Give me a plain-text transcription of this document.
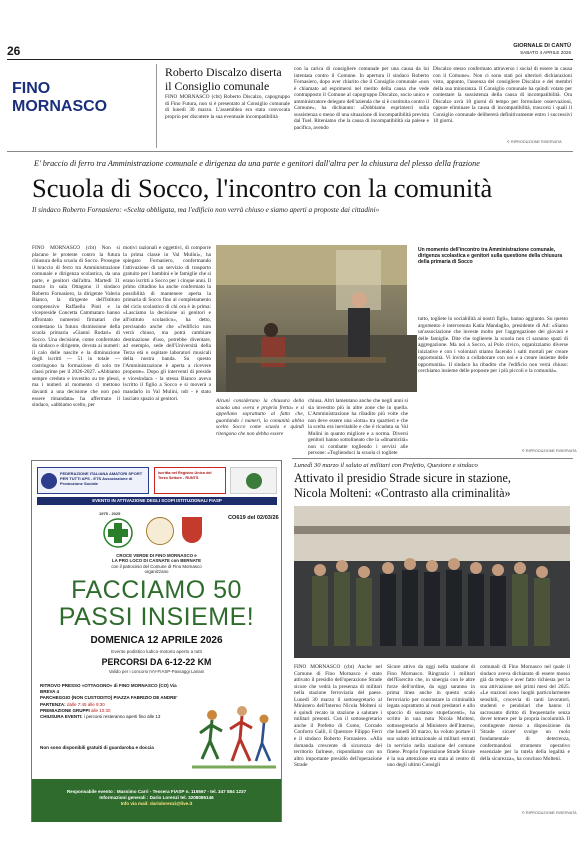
26	GIORNALE DI CANTÙ
SABATO 4 APRILE 2026
FINO
MORNASCO
Roberto Discalzo diserta
il Consiglio comunale
FINO MORNASCO (cbt) Roberto Discalzo, capogruppo di Fino Futura, non si è presentato al Consiglio comunale di lunedì 30 marzo. L'assemblea era stata convocata proprio per discutere la sua eventuale incompatibilità
con la carica di consigliere comunale per una causa da lui intentata contro il Comune. In apertura il sindaco Roberto Fornasiero, dopo aver chiarito che il Consiglio comunale «non è chiamato ad esprimersi nel merito della causa che vede contrapposto il Comune al capogruppo Discalzo, socio unico e amministratore delegato dell'azienda che si è costituita contro il Comune», ha dichiarato: «Dobbiamo esprimerci sulla sussistenza o meno di una situazione di incompatibilità prevista dal Tuel. Riteniamo che la causa di incompatibilità sia palese e pacifica, avendo
Discalzo stesso confermato attraverso i social di essere in causa con il Comune». Non ci sono stati poi ulteriori dichiarazioni visto, appunto, l'assenza del consigliere Discalzo e dei membri della sua minoranza. Il Consiglio comunale ha quindi votato per contestare la sussistenza della causa di incompatibilità. Ora Discalzo avrà 10 giorni di tempo per formulare osservazioni, oppure eliminare la causa di incompatibilità, trascorsi i quali il Consiglio comunale delibererà definitivamente entro i successivi 10 giorni.
© RIPRODUZIONE RISERVATA
E' braccio di ferro tra Amministrazione comunale e dirigenza da una parte e genitori dall'altra per la chiusura del plesso della frazione
Scuola di Socco, l'incontro con la comunità
Il sindaco Roberto Fornasiero: «Scelta obbligata, ma l'edificio non verrà chiuso e siamo aperti a proposte dai cittadini»
FINO MORNASCO (cbt) Non si placano le proteste contro la futura chiusura della scuola di Socco. Prosegue il braccio di ferro tra Amministrazione comunale e dirigenza scolastica, da una parte, e genitori dall'altra. Martedì 31 marzo in sala Ottagono il sindaco Roberto Fornasiero, la dirigente Valeria Bianco, la dirigente dell'Istituto comprensivo Raffaella Pioti e la vicepreside Concetta Cammataro hanno affrontato numerosi firmatari che contestano la futura dismissione della scuola primaria «Gianni Rodari» di Socco. Una decisione, come confermato da sindaco e dirigente, dovuta ai numeri: il calo delle nascite e la diminuzione degli iscritti — 51 in totale — costringono la formazione di solo tre classi prime per il 2026-2027. «Abbiamo sempre creduto e investito su tre plessi, ma i numeri al momento ci mettono davanti a una decisione che non può essere rimandata» ha affermato il sindaco, «abbiamo scelto, per
motivi razionali e oggettivi, di comporre la prima classe in Val Mulini», ha spiegato Fornasiero, confermando l'attivazione di un servizio di trasporto gratuito per i bambini e le famiglie che si erano iscritti a Socco per i cinque anni. Il primo cittadino ha anche confermato la possibilità di mantenere aperta la primaria di Socco fino al completamento del ciclo scolastico di chi ora è in prima: «Lasciamo la decisione ai genitori e all'istituto scolastico», ha detto, precisando anche che «l'edificio non verrà chiuso, ma potrà cambiare destinazione d'uso, potrebbe diventare, ad esempio, sede dell'Università della Terza età o ospitare laboratori musicali della nostra banda. Su questo l'Amministrazione è aperta a ricevere proposte». Dopo gli interventi di preside e vicesindaca - la stessa Bianco aveva lscritto il figlio a Socco e si moverà a mandarlo in Val Mulini, ndr - è stato lasciato spazio ai genitori.	Alcuni considerano la chiusura della scuola una «vera e propria fretta» e si appellano soprattutto al fatto che, guardando i numeri, la comunità abbia scelto Socco come scuola e quindi ritengono che non debba essere
chiusa. Altri lamentano anche che negli anni si sia investito più in altre zone che in quella. L'Amministrazione ha ribadito più volte che non deve essere una «lotta» tra quartieri e che la scelta era inevitabile e che è ricaduta su Val Mulini in quanto migliore e a norma. Diversi genitori hanno sottolineato che la «dinamicità» non si combatte togliendo i servizi alle persone: «Togliendoci la scuola ci togliete
Un momento dell'incontro tra Amministrazione comunale, dirigenza scolastica e genitori sulla questione della chiusura della primaria di Socco
tutto, togliete lo sociabilità ai nostri figli», hanno aggiunto. Su questo argomento è intervenuta Katia Mandaglio, presidente di Ad: «Siamo un'associazione che investe molto per l'aggregazione dei giovani e delle famiglie. Dite che toglierete la scuola non ci saranno spazi di aggregazione. Ma noi a Socco, al Polo civico, organizziamo diverse iniziative e con i volontari stiamo facendo i salti mortali per creare opportunità. Vi invito a collaborare con noi e a creare insieme delle opportunità». Il sindaco ha ribadito che l'edificio non verrà chiuso: cerchiamo insieme delle proposte per i più piccoli e la comunità».
© RIPRODUZIONE RISERVATA
FEDERAZIONE ITALIANA AMATORI SPORT PER TUTTI APS - ETS Associazione di Promozione Sociale
Iscritta nel Registro Unico del Terzo Settore - RUNTS
EVENTO IN ATTIVAZIONE DEGLI SCOPI ISTITUZIONALI FIASP
1975 - 2025
CO619 del 02/03/26
CROCE VERDE DI FINO MORNASCO e
LA PRO LOCO DI CASNATE con BERNATE
con il patrocinio del Comune di Fino Mornasco
organizzano
FACCIAMO 50
PASSI INSIEME!
DOMENICA 12 APRILE 2026
Evento podistico ludico-motorio aperto a tutti
PERCORSI DA 6-12-22 KM
Valido per i concorsi IVV-FIASP-Passaggi Lariani
RITROVO PRESSO «OTTAGONO» di FINO MORNASCO (CO) Via BREVA 4
PARCHEGGIO (NON CUSTODITO) PIAZZA FABRIZIO DE ANDRE'
PARTENZA: dalle 7:45 alle 9:30
PREMIAZIONE GRUPPI alle 10:30
CHIUSURA EVENTI: i percorsi resteranno aperti fino alle 13
Non sono disponibili gratuiti di guardaroba e doccia
Responsabile evento : Massimo Carri - Tessera FIASP n. 116567 - tel. 347 584 1237
Informazioni generali : Dario Lorenzi tel. 3208086146
Info via mail: dariolorenzi@live.it
Lunedì 30 marzo il saluto ai militari con Prefetto, Questore e sindaco
Attivato il presidio Strade sicure in stazione,
Nicola Molteni: «Contrasto alla criminalità»
FINO MORNASCO (cbt) Anche nel Comune di Fino Mornasco è stato attivato il presidio dell'operazione Strade sicure che vedrà la presenza di militari nella stazione ferroviaria del paese. Lunedì 30 marzo il sottosegretario al Ministero dell'Interno Nicola Molteni si è quindi recato in stazione a salutare i militari presenti. Con il sottosegretario anche il Prefetto di Como, Corrado Conforto Galli, il Questore Filippo Ferri e il sindaco Roberto Fornasiero. «Alla domanda crescente di sicurezza del territorio farinese, rispondiamo con un altro importante presidio dell'operazione Strade
Sicure attivo da oggi nella stazione di Fino Mornasco. Ringrazio i militari dell'Esercito che, in sinergia con le altre forze dell'ordine, da oggi saranno in prima linea anche in questo scalo ferroviario per contrastare la criminalità legata soprattutto ai reati predatori e allo spaccio di sostanze stupefacenti», ha scritto in una nota Nicola Molteni, sottosegretario al Ministero dell'Interno, che lunedì 30 marzo, ha voluto portare il suo saluto istituzionale ai militari entrati in servizio nella stazione del comune finese. Proprio l'operazione Strade Sicure è la sua attenzione era stata al centro di uno degli ultimi Consigli
comunali di Fino Mornasco nel quale il sindaco aveva dichiarato di essere mosso già da tempo e aver fatto richiesta per la sua attivazione nei primi mesi del 2025. «Le stazioni sono luoghi particolarmente sensibili, crocevia di tanti lavoratori, studenti e pendolari che hanno il sacrosanto diritto di frequentarle senza dover temere per la propria incolumità. Il contingente messo a disposizione da 'Strade sicure' svolge un ruolo fondamentale di deterrenza, confermandosi strumento operativo essenziale per la tutela della legalità e della sicurezza», ha concluso Molteni.
© RIPRODUZIONE RISERVATA
